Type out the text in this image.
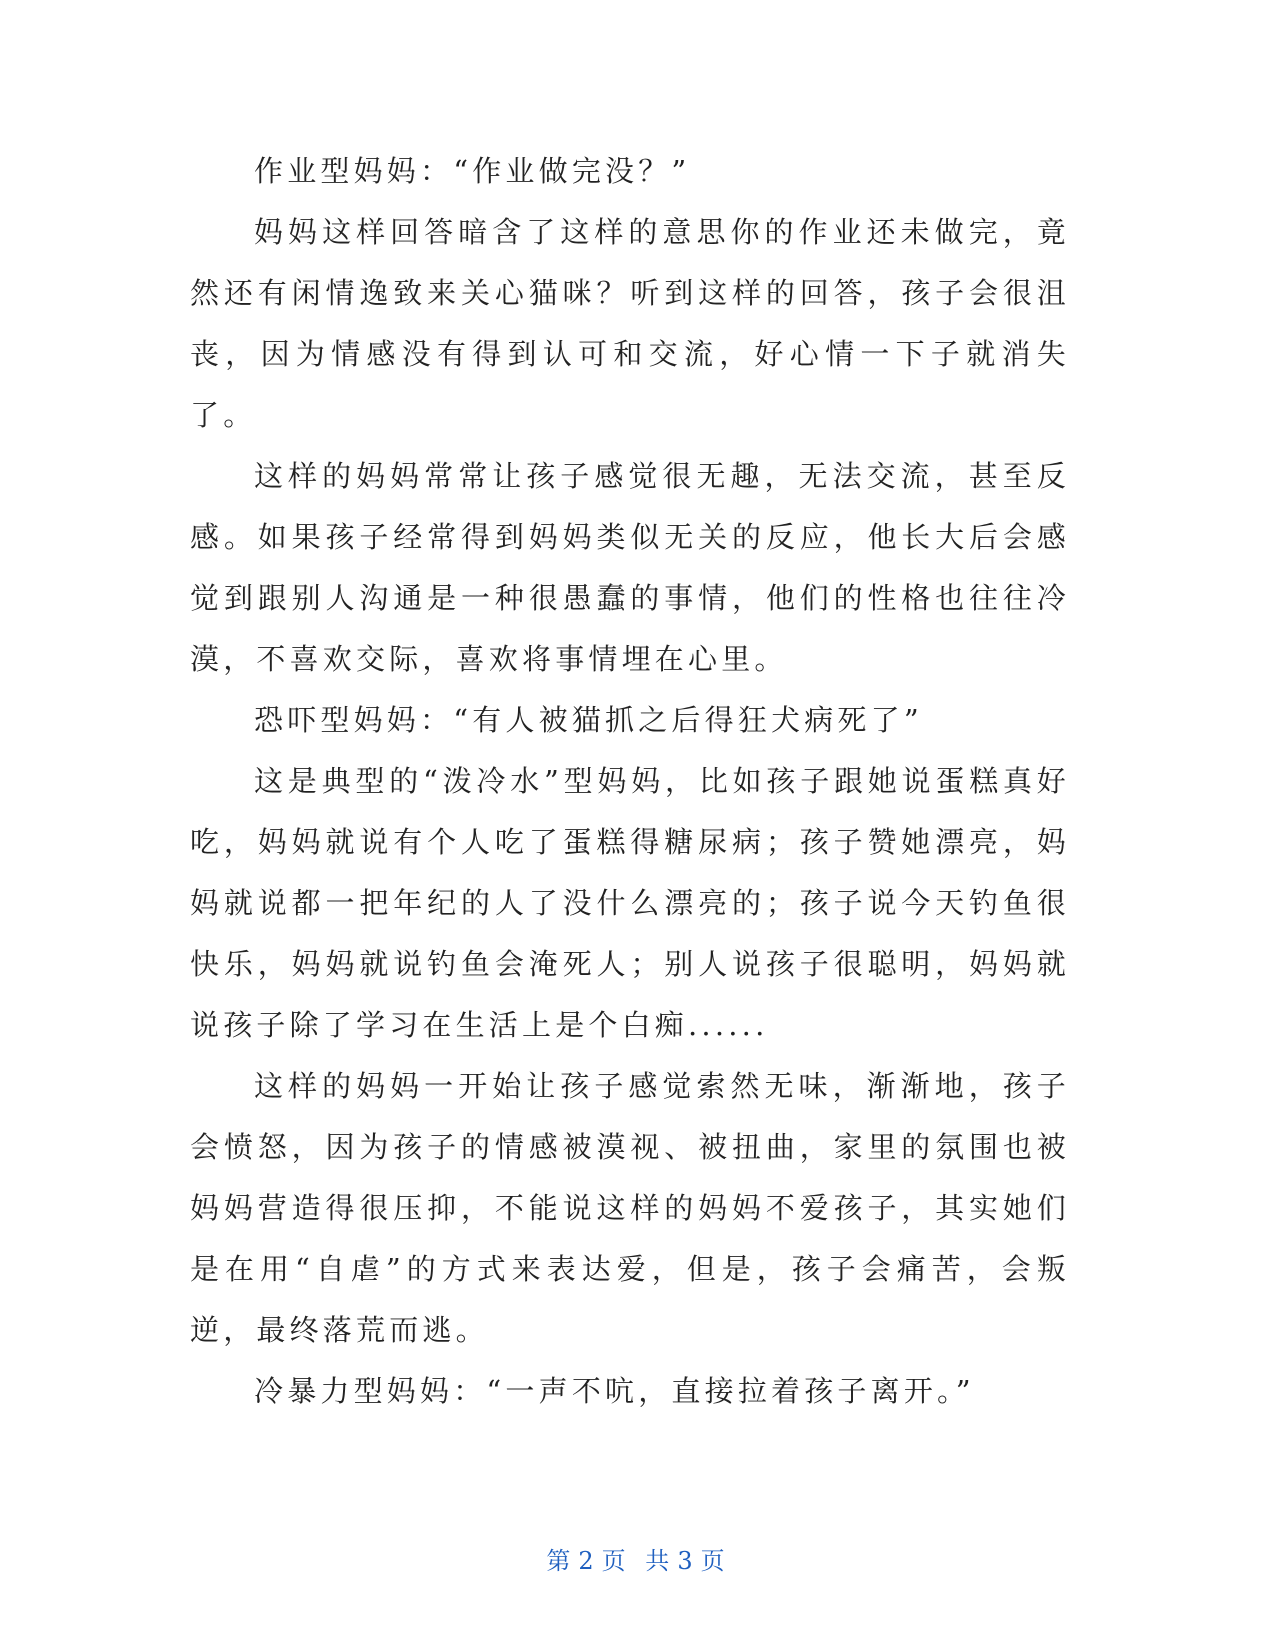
作业型妈妈：“作业做完没？”

妈妈这样回答暗含了这样的意思你的作业还未做完，竟然还有闲情逸致来关心猫咪？听到这样的回答，孩子会很沮丧，因为情感没有得到认可和交流，好心情一下子就消失了。

这样的妈妈常常让孩子感觉很无趣，无法交流，甚至反感。如果孩子经常得到妈妈类似无关的反应，他长大后会感觉到跟别人沟通是一种很愚蠢的事情，他们的性格也往往冷漠，不喜欢交际，喜欢将事情埋在心里。

恐吓型妈妈：“有人被猫抓之后得狂犬病死了”

这是典型的“泼冷水”型妈妈，比如孩子跟她说蛋糕真好吃，妈妈就说有个人吃了蛋糕得糖尿病；孩子赞她漂亮，妈妈就说都一把年纪的人了没什么漂亮的；孩子说今天钓鱼很快乐，妈妈就说钓鱼会淹死人；别人说孩子很聪明，妈妈就说孩子除了学习在生活上是个白痴......

这样的妈妈一开始让孩子感觉索然无味，渐渐地，孩子会愤怒，因为孩子的情感被漠视、被扭曲，家里的氛围也被妈妈营造得很压抑，不能说这样的妈妈不爱孩子，其实她们是在用“自虐”的方式来表达爱，但是，孩子会痛苦，会叛逆，最终落荒而逃。

冷暴力型妈妈：“一声不吭，直接拉着孩子离开。”

第 2 页 共 3 页
